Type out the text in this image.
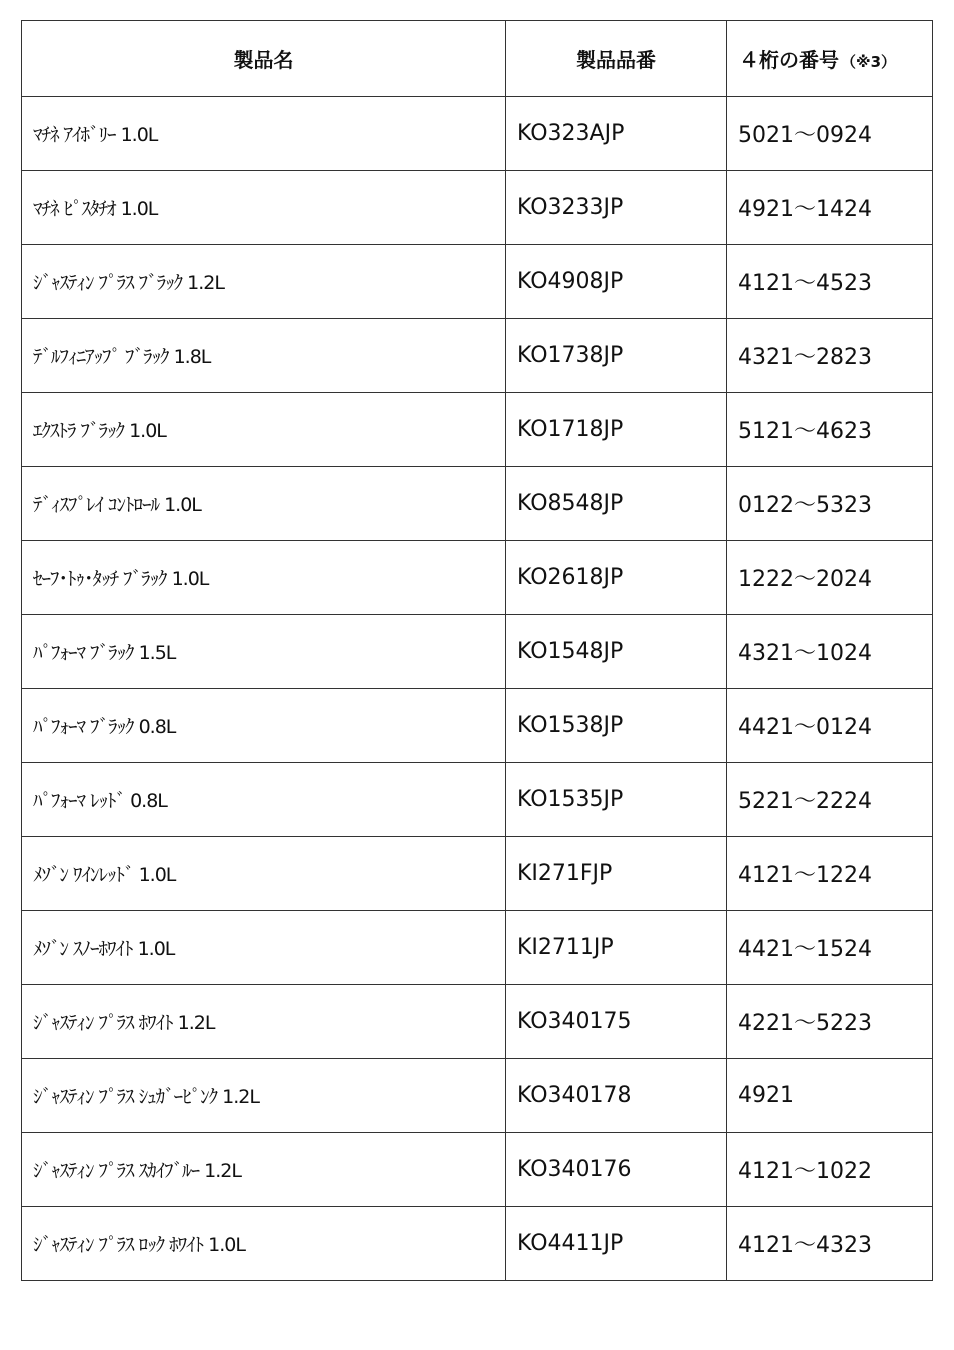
製品名	製品品番	４桁の番号 （※3）
ﾏﾁﾈ ｱｲﾎﾞﾘｰ 1.0L	KO323AJP	5021～0924
ﾏﾁﾈ ﾋﾟｽﾀﾁｵ 1.0L	KO3233JP	4921～1424
ｼﾞｬｽﾃｨﾝ ﾌﾟﾗｽ ﾌﾞﾗｯｸ 1.2L	KO4908JP	4121～4523
ﾃﾞﾙﾌｨﾆｱｯﾌﾟ ﾌﾞﾗｯｸ 1.8L	KO1738JP	4321～2823
ｴｸｽﾄﾗ ﾌﾞﾗｯｸ 1.0L	KO1718JP	5121～4623
ﾃﾞｨｽﾌﾟﾚｲ ｺﾝﾄﾛｰﾙ 1.0L	KO8548JP	0122～5323
ｾｰﾌ･ﾄｩ･ﾀｯﾁ ﾌﾞﾗｯｸ 1.0L	KO2618JP	1222～2024
ﾊﾟﾌｫｰﾏ ﾌﾞﾗｯｸ 1.5L	KO1548JP	4321～1024
ﾊﾟﾌｫｰﾏ ﾌﾞﾗｯｸ 0.8L	KO1538JP	4421～0124
ﾊﾟﾌｫｰﾏ ﾚｯﾄﾞ 0.8L	KO1535JP	5221～2224
ﾒｿﾞﾝ ﾜｲﾝﾚｯﾄﾞ 1.0L	KI271FJP	4121～1224
ﾒｿﾞﾝ ｽﾉｰﾎﾜｲﾄ 1.0L	KI2711JP	4421～1524
ｼﾞｬｽﾃｨﾝ ﾌﾟﾗｽ ﾎﾜｲﾄ 1.2L	KO340175	4221～5223
ｼﾞｬｽﾃｨﾝ ﾌﾟﾗｽ ｼｭｶﾞｰﾋﾟﾝｸ 1.2L	KO340178	4921
ｼﾞｬｽﾃｨﾝ ﾌﾟﾗｽ ｽｶｲﾌﾞﾙｰ 1.2L	KO340176	4121～1022
ｼﾞｬｽﾃｨﾝ ﾌﾟﾗｽ ﾛｯｸ ﾎﾜｲﾄ 1.0L	KO4411JP	4121～4323
